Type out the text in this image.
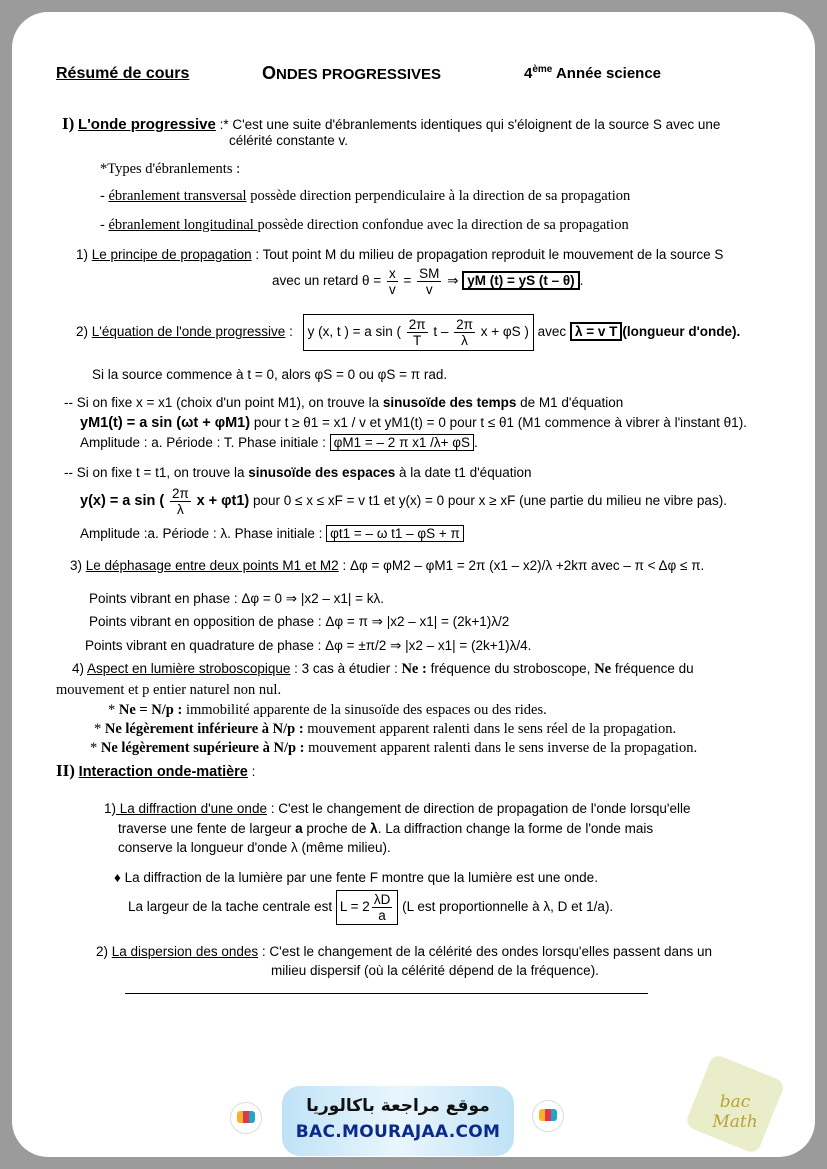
Résumé de cours	ONDES PROGRESSIVES	4ème Année science
I) L'onde progressive :* C'est une suite d'ébranlements identiques qui s'éloignent de la source S avec une
célérité constante v.
*Types d'ébranlements :
- ébranlement transversal possède direction perpendiculaire à la direction de sa propagation
- ébranlement longitudinal possède direction confondue avec la direction de sa propagation
1) Le principe de propagation : Tout point M du milieu de propagation reproduit le mouvement de la source S
avec un retard $\theta = \frac{x}{v} = \frac{SM}{v}$ ⇒ yM (t) = yS (t – θ) .
2) L'équation de l'onde progressive : y (x, t ) = a sin ( $\frac{2\pi}{T}$ t – $\frac{2\pi}{\lambda}$ x + φS ) avec λ = v T (longueur d'onde).
Si la source commence à t = 0, alors φS = 0 ou φS = π rad.
-- Si on fixe x = x1 (choix d'un point M1), on trouve la sinusoïde des temps de M1 d'équation
yM1(t) = a sin (ωt + φM1) pour t ≥ θ1 = x1 / v et yM1(t) = 0 pour t ≤ θ1 (M1 commence à vibrer à l'instant θ1).
Amplitude : a. Période : T. Phase initiale : φM1 = – 2 π x1 /λ+ φS .
-- Si on fixe t = t1, on trouve la sinusoïde des espaces à la date t1 d'équation
y(x) = a sin ( $\frac{2\pi}{\lambda}$ x + φt1) pour 0 ≤ x ≤ xF = v t1 et y(x) = 0 pour x ≥ xF (une partie du milieu ne vibre pas).
Amplitude :a. Période : λ. Phase initiale : φt1 = – ω t1 – φS + π
3) Le déphasage entre deux points M1 et M2 : Δφ = φM2 – φM1 = 2π (x1 – x2)/λ +2kπ avec – π < Δφ ≤ π.
Points vibrant en phase : Δφ = 0 ⇒ |x2 – x1| = kλ.
Points vibrant en opposition de phase : Δφ = π ⇒ |x2 – x1| = (2k+1)λ/2
Points vibrant en quadrature de phase : Δφ = ±π/2 ⇒ |x2 – x1| = (2k+1)λ/4.
4) Aspect en lumière stroboscopique : 3 cas à étudier : Ne : fréquence du stroboscope, Ne fréquence du
mouvement et p entier naturel non nul.
* Ne = N/p : immobilité apparente de la sinusoïde des espaces ou des rides.
* Ne légèrement inférieure à N/p : mouvement apparent ralenti dans le sens réel de la propagation.
* Ne légèrement supérieure à N/p : mouvement apparent ralenti dans le sens inverse de la propagation.
II) Interaction onde-matière :
1) La diffraction d'une onde : C'est le changement de direction de propagation de l'onde lorsqu'elle
traverse une fente de largeur a proche de λ. La diffraction change la forme de l'onde mais
conserve la longueur d'onde λ (même milieu).
♦ La diffraction de la lumière par une fente F montre que la lumière est une onde.
La largeur de la tache centrale est $L = 2 \frac{\lambda D}{a} (L$ est proportionnelle à λ, D et 1/a).
2) La dispersion des ondes : C'est le changement de la célérité des ondes lorsqu'elles passent dans un
milieu dispersif (où la célérité dépend de la fréquence).
bac Math
موقع مراجعة باكالوريا
BAC.MOURAJAA.COM
